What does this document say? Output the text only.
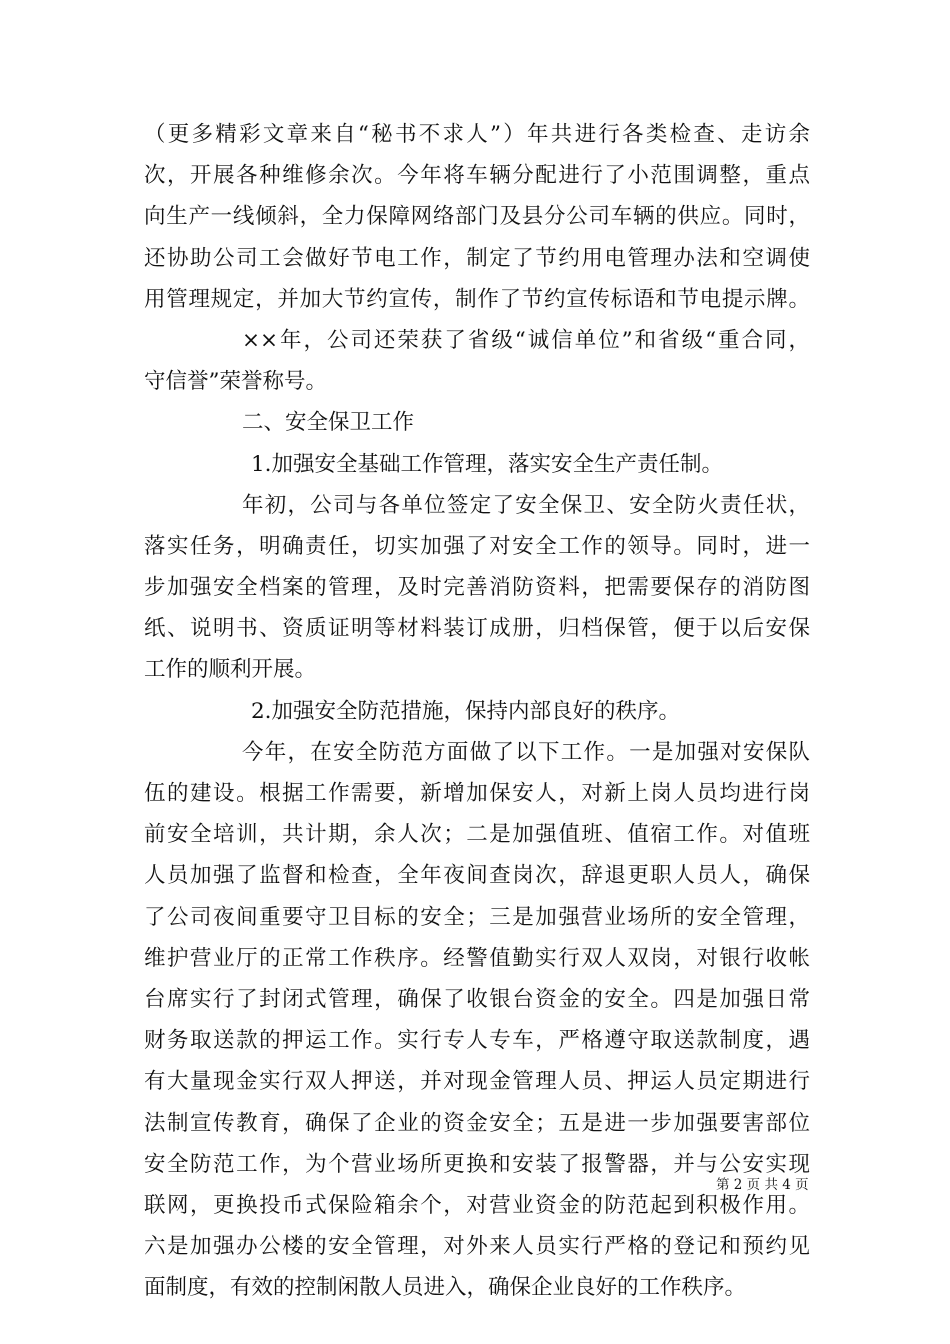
（更多精彩文章来自“秘书不求人”）年共进行各类检查、走访余
次，开展各种维修余次。今年将车辆分配进行了小范围调整，重点
向生产一线倾斜，全力保障网络部门及县分公司车辆的供应。同时，
还协助公司工会做好节电工作，制定了节约用电管理办法和空调使
用管理规定，并加大节约宣传，制作了节约宣传标语和节电提示牌。
××年，公司还荣获了省级“诚信单位”和省级“重合同，
守信誉”荣誉称号。
二、安全保卫工作
1.加强安全基础工作管理，落实安全生产责任制。
年初，公司与各单位签定了安全保卫、安全防火责任状，
落实任务，明确责任，切实加强了对安全工作的领导。同时，进一
步加强安全档案的管理，及时完善消防资料，把需要保存的消防图
纸、说明书、资质证明等材料装订成册，归档保管，便于以后安保
工作的顺利开展。
2.加强安全防范措施，保持内部良好的秩序。
今年，在安全防范方面做了以下工作。一是加强对安保队
伍的建设。根据工作需要，新增加保安人，对新上岗人员均进行岗
前安全培训，共计期，余人次；二是加强值班、值宿工作。对值班
人员加强了监督和检查，全年夜间查岗次，辞退更职人员人，确保
了公司夜间重要守卫目标的安全；三是加强营业场所的安全管理，
维护营业厅的正常工作秩序。经警值勤实行双人双岗，对银行收帐
台席实行了封闭式管理，确保了收银台资金的安全。四是加强日常
财务取送款的押运工作。实行专人专车，严格遵守取送款制度，遇
有大量现金实行双人押送，并对现金管理人员、押运人员定期进行
法制宣传教育，确保了企业的资金安全；五是进一步加强要害部位
安全防范工作，为个营业场所更换和安装了报警器，并与公安实现
联网，更换投币式保险箱余个，对营业资金的防范起到积极作用。
六是加强办公楼的安全管理，对外来人员实行严格的登记和预约见
面制度，有效的控制闲散人员进入，确保企业良好的工作秩序。
第 2 页 共 4 页
